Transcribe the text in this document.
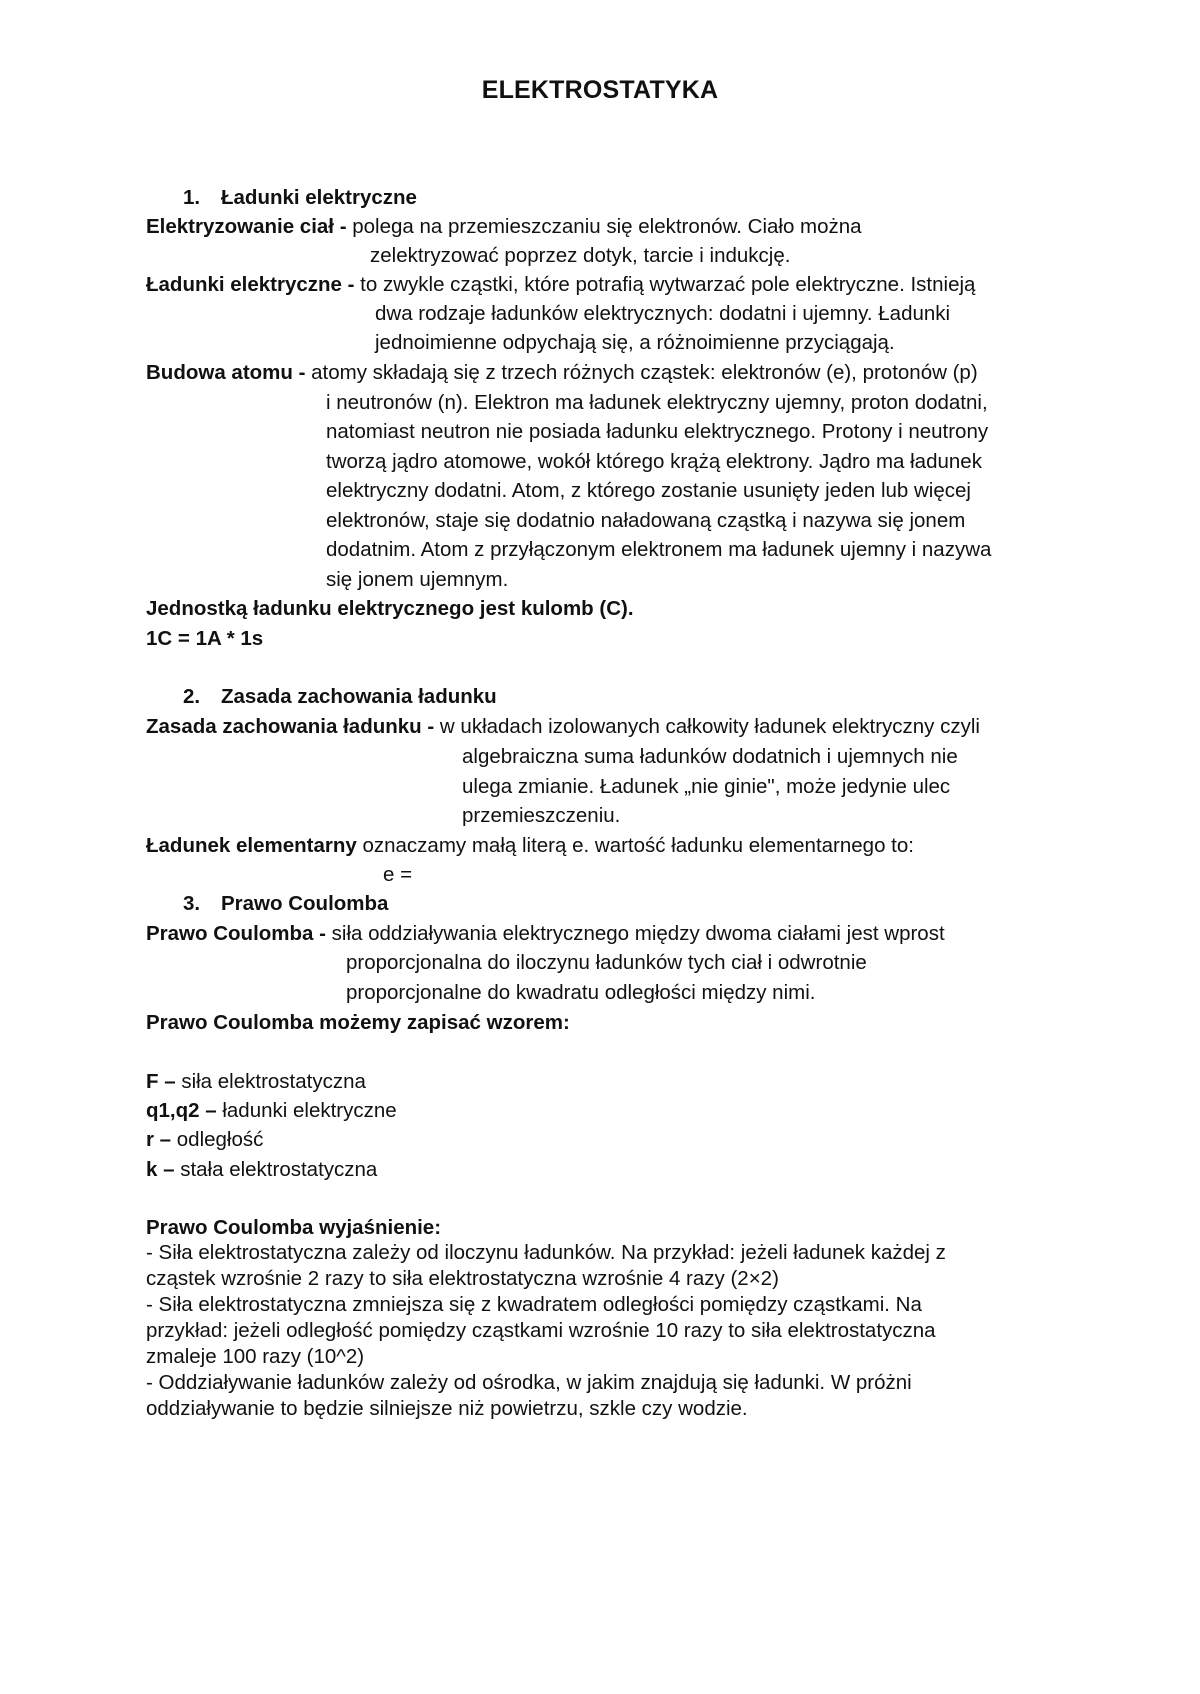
ELEKTROSTATYKA
1. Ładunki elektryczne
Elektryzowanie ciał - polega na przemieszczaniu się elektronów. Ciało można
zelektryzować poprzez dotyk, tarcie i indukcję.
Ładunki elektryczne - to zwykle cząstki, które potrafią wytwarzać pole elektryczne. Istnieją
dwa rodzaje ładunków elektrycznych: dodatni i ujemny. Ładunki
jednoimienne odpychają się, a różnoimienne przyciągają.
Budowa atomu - atomy składają się z trzech różnych cząstek: elektronów (e), protonów (p)
i neutronów (n). Elektron ma ładunek elektryczny ujemny, proton dodatni,
natomiast neutron nie posiada ładunku elektrycznego. Protony i neutrony
tworzą jądro atomowe, wokół którego krążą elektrony. Jądro ma ładunek
elektryczny dodatni. Atom, z którego zostanie usunięty jeden lub więcej
elektronów, staje się dodatnio naładowaną cząstką i nazywa się jonem
dodatnim. Atom z przyłączonym elektronem ma ładunek ujemny i nazywa
się jonem ujemnym.
Jednostką ładunku elektrycznego jest kulomb (C).
1C = 1A * 1s
2. Zasada zachowania ładunku
Zasada zachowania ładunku - w układach izolowanych całkowity ładunek elektryczny czyli
algebraiczna suma ładunków dodatnich i ujemnych nie
ulega zmianie. Ładunek „nie ginie", może jedynie ulec
przemieszczeniu.
Ładunek elementarny oznaczamy małą literą e. wartość ładunku elementarnego to:
e =
3. Prawo Coulomba
Prawo Coulomba - siła oddziaływania elektrycznego między dwoma ciałami jest wprost
proporcjonalna do iloczynu ładunków tych ciał i odwrotnie
proporcjonalne do kwadratu odległości między nimi.
Prawo Coulomba możemy zapisać wzorem:
F – siła elektrostatyczna
q1,q2 – ładunki elektryczne
r – odległość
k – stała elektrostatyczna
Prawo Coulomba wyjaśnienie:
- Siła elektrostatyczna zależy od iloczynu ładunków. Na przykład: jeżeli ładunek każdej z
cząstek wzrośnie 2 razy to siła elektrostatyczna wzrośnie 4 razy (2×2)
- Siła elektrostatyczna zmniejsza się z kwadratem odległości pomiędzy cząstkami. Na
przykład: jeżeli odległość pomiędzy cząstkami wzrośnie 10 razy to siła elektrostatyczna
zmaleje 100 razy (10^2)
- Oddziaływanie ładunków zależy od ośrodka, w jakim znajdują się ładunki. W próżni
oddziaływanie to będzie silniejsze niż powietrzu, szkle czy wodzie.
